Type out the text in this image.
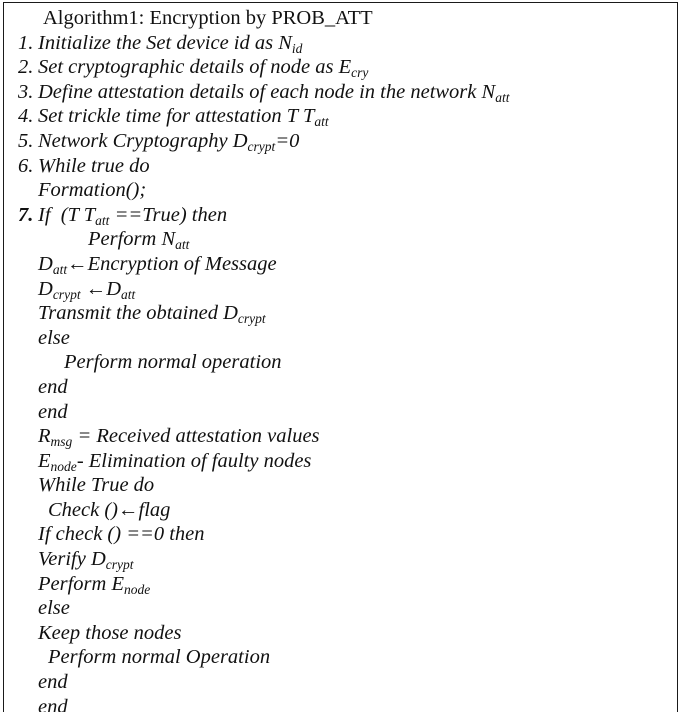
Algorithm1: Encryption by PROB_ATT
1. Initialize the Set device id as $N_{id}$
2. Set cryptographic details of node as $E_{cry}$
3. Define attestation details of each node in the network $N_{att}$
4. Set trickle time for attestation T $T_{att}$
5. Network Cryptography $D_{crypt}=0$
6. While true do
Formation();
7. If  (T $T_{att}$ ==True) then
Perform $N_{att}$
$D_{att}\leftarrow Encryption$ of Message
$D_{crypt}$ $\leftarrow D_{att}$
Transmit the obtained $D_{crypt}$
else
Perform normal operation
end
end
$R_{msg}$ = Received attestation values
$E_{node}-$ Elimination of faulty nodes
While True do
Check ()←flag
If check () ==0 then
Verify $D_{crypt}$
Perform $E_{node}$
else
Keep those nodes
Perform normal Operation
end
end
